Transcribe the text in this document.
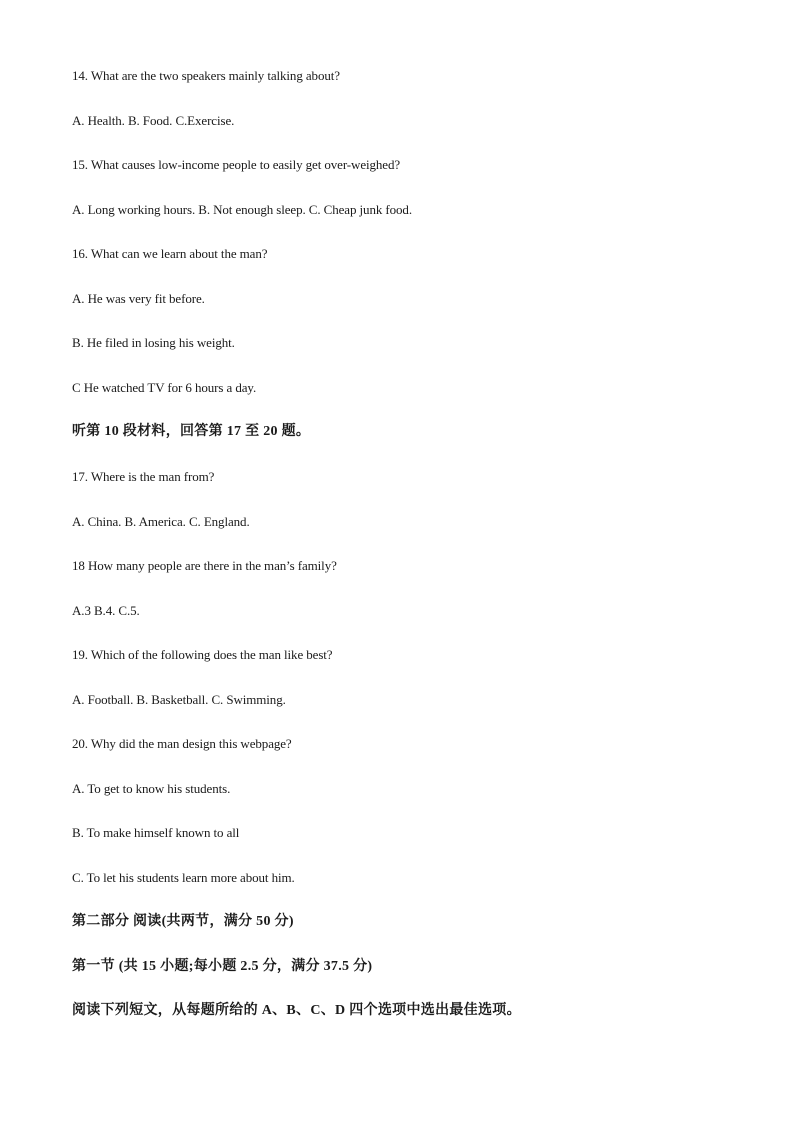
14. What are the two speakers mainly talking about?
A. Health. B. Food. C.Exercise.
15. What causes low-income people to easily get over-weighed?
A. Long working hours. B. Not enough sleep. C. Cheap junk food.
16. What can we learn about the man?
A. He was very fit before.
B. He filed in losing his weight.
C He watched TV for 6 hours a day.
听第 10 段材料，回答第 17 至 20 题。
17. Where is the man from?
A. China. B. America. C. England.
18 How many people are there in the man’s family?
A.3 B.4. C.5.
19. Which of the following does the man like best?
A. Football. B. Basketball. C. Swimming.
20. Why did the man design this webpage?
A. To get to know his students.
B. To make himself known to all
C. To let his students learn more about him.
第二部分 阅读(共两节，满分 50 分)
第一节 (共 15 小题;每小题 2.5 分，满分 37.5 分)
阅读下列短文，从每题所给的 A、B、C、D 四个选项中选出最佳选项。
